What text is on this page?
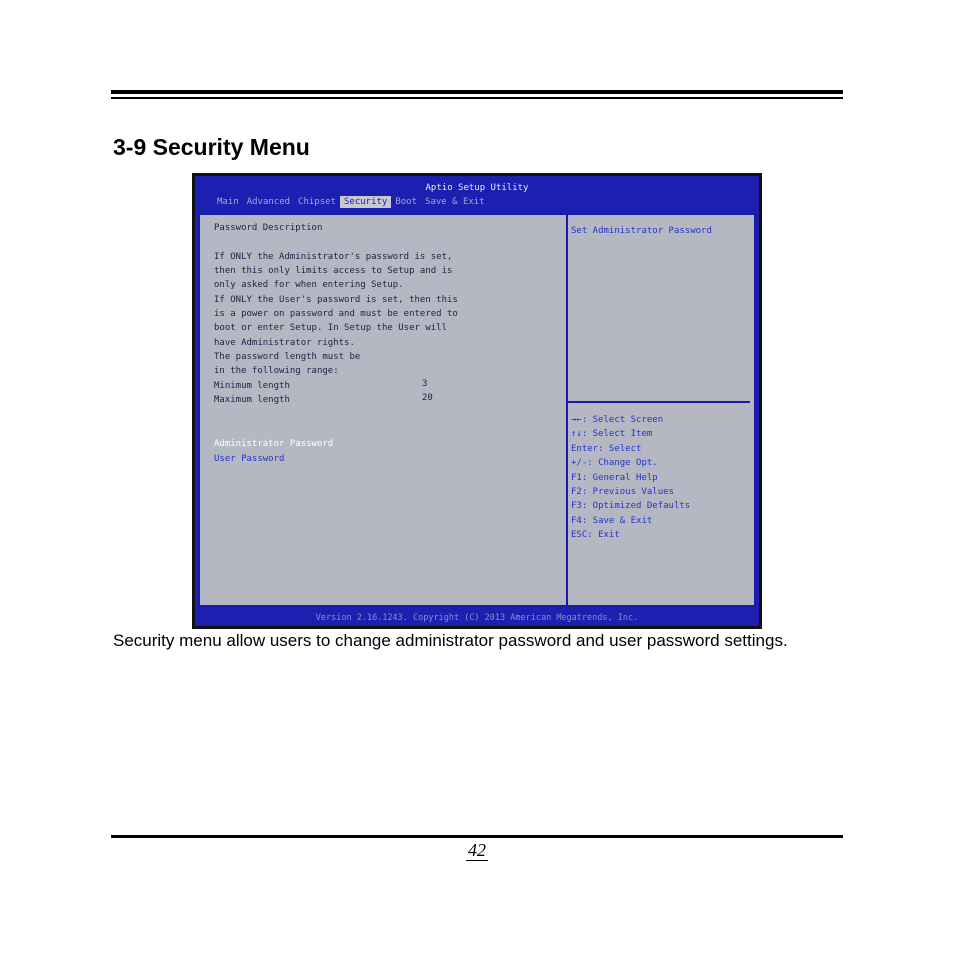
3-9 Security Menu
Aptio Setup Utility
Main Advanced Chipset Security Boot Save & Exit
Password Description
If ONLY the Administrator's password is set,
then this only limits access to Setup and is
only asked for when entering Setup.
If ONLY the User's password is set, then this
is a power on password and must be entered to
boot or enter Setup. In Setup the User will
have Administrator rights.
The password length must be
in the following range:
Minimum length	3
Maximum length	20
Administrator Password
User Password
Set Administrator Password
→←: Select Screen
↑↓: Select Item
Enter: Select
+/-: Change Opt.
F1: General Help
F2: Previous Values
F3: Optimized Defaults
F4: Save & Exit
ESC: Exit
Version 2.16.1243. Copyright (C) 2013 American Megatrends, Inc.
Security menu allow users to change administrator password and user password settings.
42
